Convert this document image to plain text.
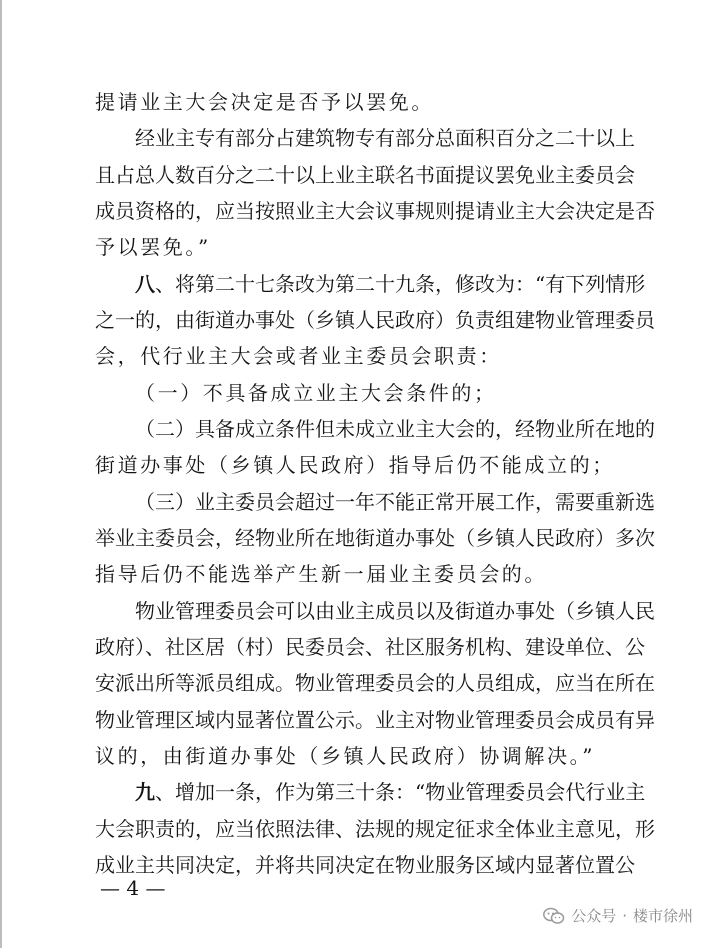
提请业主大会决定是否予以罢免。
经业主专有部分占建筑物专有部分总面积百分之二十以上
且占总人数百分之二十以上业主联名书面提议罢免业主委员会
成员资格的，应当按照业主大会议事规则提请业主大会决定是否
予以罢免。”
八、将第二十七条改为第二十九条，修改为：“有下列情形
之一的，由街道办事处（乡镇人民政府）负责组建物业管理委员
会，代行业主大会或者业主委员会职责：
（一）不具备成立业主大会条件的；
（二）具备成立条件但未成立业主大会的，经物业所在地的
街道办事处（乡镇人民政府）指导后仍不能成立的；
（三）业主委员会超过一年不能正常开展工作，需要重新选
举业主委员会，经物业所在地街道办事处（乡镇人民政府）多次
指导后仍不能选举产生新一届业主委员会的。
物业管理委员会可以由业主成员以及街道办事处（乡镇人民
政府）、社区居（村）民委员会、社区服务机构、建设单位、公
安派出所等派员组成。物业管理委员会的人员组成，应当在所在
物业管理区域内显著位置公示。业主对物业管理委员会成员有异
议的，由街道办事处（乡镇人民政府）协调解决。”
九、增加一条，作为第三十条：“物业管理委员会代行业主
大会职责的，应当依照法律、法规的规定征求全体业主意见，形
成业主共同决定，并将共同决定在物业服务区域内显著位置公
— 4 —
公众号 · 楼市徐州
